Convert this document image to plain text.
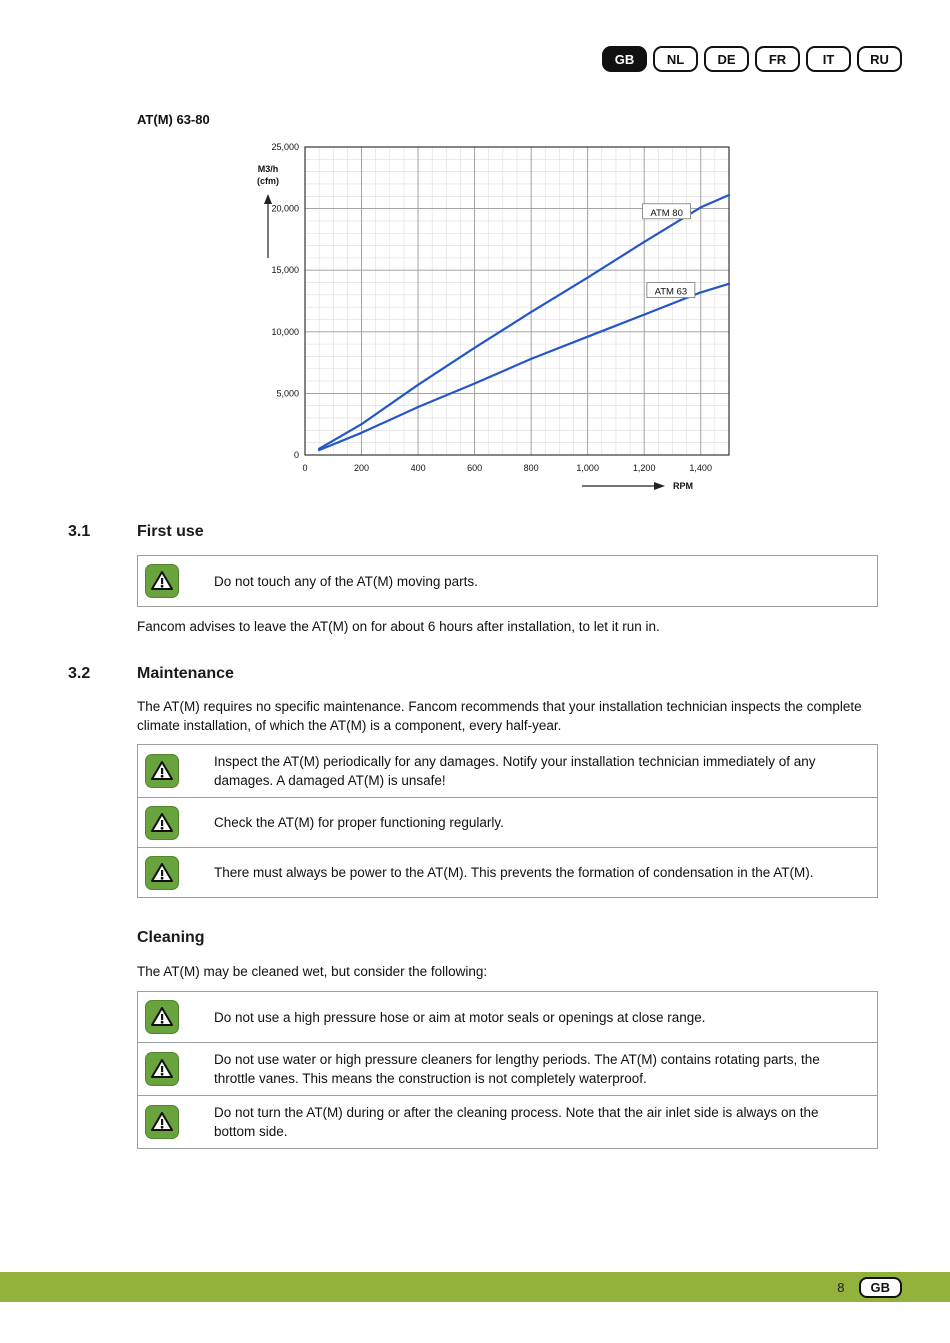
GB	NL	DE	FR	IT	RU
AT(M) 63-80
0
5,000
10,000
15,000
20,000
25,000
0	200	400	600	800	1,000	1,200	1,400
ATM 80
ATM 63
M3/h
(cfm)
RPM
3.1	First use
Do not touch any of the AT(M) moving parts.
Fancom advises to leave the AT(M) on for about 6 hours after installation, to let it run in.
3.2	Maintenance
The AT(M) requires no specific maintenance. Fancom recommends that your installation technician inspects the complete climate installation, of which the AT(M) is a component, every half-year.
Inspect the AT(M) periodically for any damages. Notify your installation technician immediately of any damages. A damaged AT(M) is unsafe!
Check the AT(M) for proper functioning regularly.
There must always be power to the AT(M). This prevents the formation of condensation in the AT(M).
Cleaning
The AT(M) may be cleaned wet, but consider the following:
Do not use a high pressure hose or aim at motor seals or openings at close range.
Do not use water or high pressure cleaners for lengthy periods. The AT(M) contains rotating parts, the throttle vanes. This means the construction is not completely waterproof.
Do not turn the AT(M) during or after the cleaning process. Note that the air inlet side is always on the bottom side.
8	GB
